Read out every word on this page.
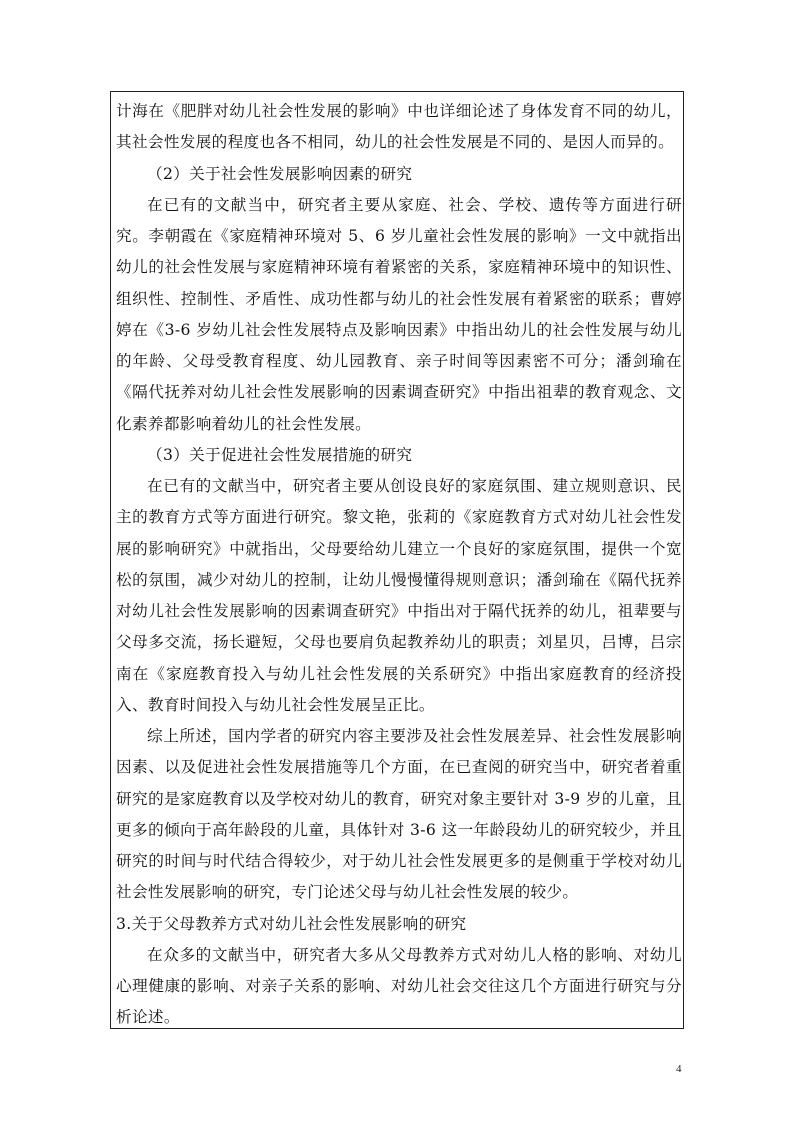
计海在《肥胖对幼儿社会性发展的影响》中也详细论述了身体发育不同的幼儿，其社会性发展的程度也各不相同，幼儿的社会性发展是不同的、是因人而异的。

（2）关于社会性发展影响因素的研究

在已有的文献当中，研究者主要从家庭、社会、学校、遗传等方面进行研究。李朝霞在《家庭精神环境对 5、6 岁儿童社会性发展的影响》一文中就指出幼儿的社会性发展与家庭精神环境有着紧密的关系，家庭精神环境中的知识性、组织性、控制性、矛盾性、成功性都与幼儿的社会性发展有着紧密的联系；曹婷婷在《3-6 岁幼儿社会性发展特点及影响因素》中指出幼儿的社会性发展与幼儿的年龄、父母受教育程度、幼儿园教育、亲子时间等因素密不可分；潘剑瑜在《隔代抚养对幼儿社会性发展影响的因素调查研究》中指出祖辈的教育观念、文化素养都影响着幼儿的社会性发展。

（3）关于促进社会性发展措施的研究

在已有的文献当中，研究者主要从创设良好的家庭氛围、建立规则意识、民主的教育方式等方面进行研究。黎文艳，张莉的《家庭教育方式对幼儿社会性发展的影响研究》中就指出，父母要给幼儿建立一个良好的家庭氛围，提供一个宽松的氛围，减少对幼儿的控制，让幼儿慢慢懂得规则意识；潘剑瑜在《隔代抚养对幼儿社会性发展影响的因素调查研究》中指出对于隔代抚养的幼儿，祖辈要与父母多交流，扬长避短，父母也要肩负起教养幼儿的职责；刘星贝，吕博，吕宗南在《家庭教育投入与幼儿社会性发展的关系研究》中指出家庭教育的经济投入、教育时间投入与幼儿社会性发展呈正比。

综上所述，国内学者的研究内容主要涉及社会性发展差异、社会性发展影响因素、以及促进社会性发展措施等几个方面，在已查阅的研究当中，研究者着重研究的是家庭教育以及学校对幼儿的教育，研究对象主要针对 3-9 岁的儿童，且更多的倾向于高年龄段的儿童，具体针对 3-6 这一年龄段幼儿的研究较少，并且研究的时间与时代结合得较少，对于幼儿社会性发展更多的是侧重于学校对幼儿社会性发展影响的研究，专门论述父母与幼儿社会性发展的较少。

3.关于父母教养方式对幼儿社会性发展影响的研究

在众多的文献当中，研究者大多从父母教养方式对幼儿人格的影响、对幼儿心理健康的影响、对亲子关系的影响、对幼儿社会交往这几个方面进行研究与分析论述。

4
